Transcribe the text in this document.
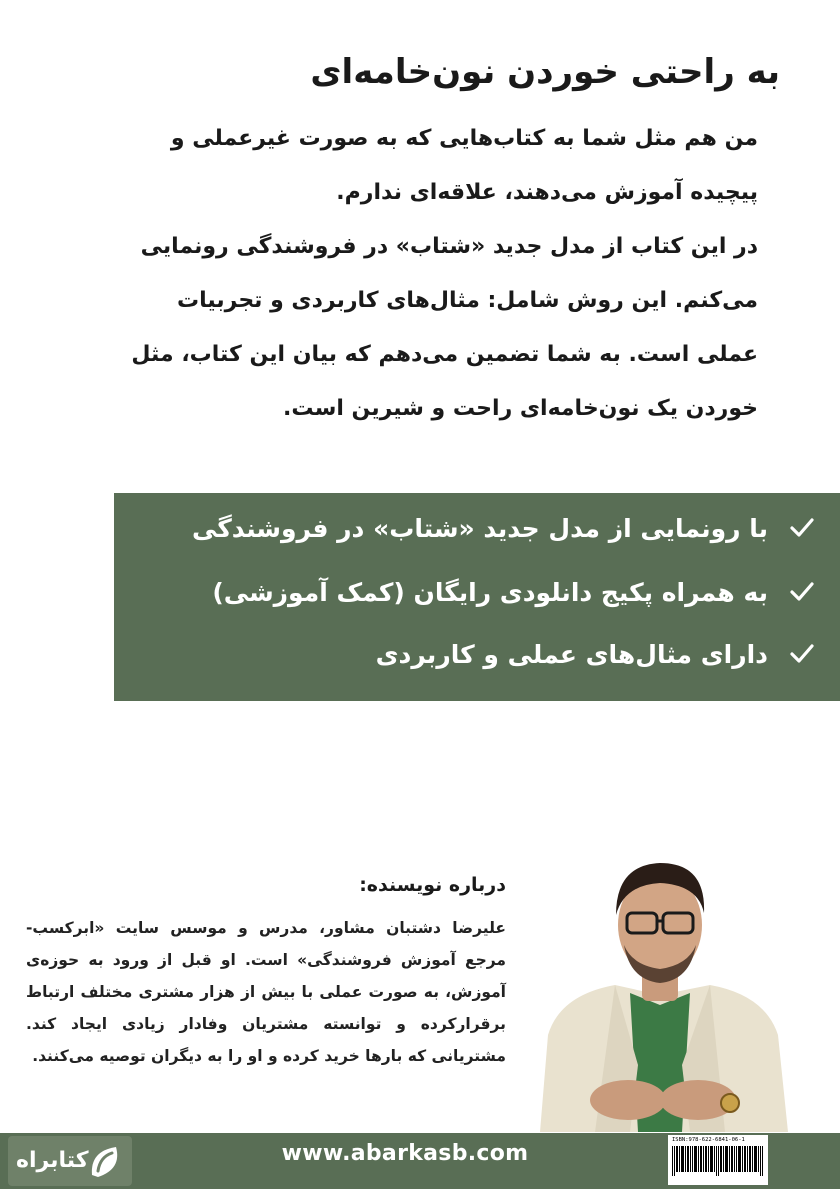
به راحتی خوردن نون‌خامه‌ای

من هم مثل شما به کتاب‌هایی که به صورت غیرعملی و پیچیده آموزش می‌دهند، علاقه‌ای ندارم.

در این کتاب از مدل جدید «شتاب» در فروشندگی رونمایی می‌کنم. این روش شامل: مثال‌های کاربردی و تجربیات عملی است. به شما تضمین می‌دهم که بیان این کتاب، مثل خوردن یک نون‌خامه‌ای راحت و شیرین است.

با رونمایی از مدل جدید «شتاب» در فروشندگی
به همراه پکیج دانلودی رایگان (کمک آموزشی)
دارای مثال‌های عملی و کاربردی
درباره نویسنده:
علیرضا دشتبان مشاور، مدرس و موسس سایت «ابرکسب- مرجع آموزش فروشندگی» است. او قبل از ورود به حوزه‌ی آموزش، به صورت عملی با بیش از هزار مشتری مختلف ارتباط برقرارکرده و توانسته مشتریان وفادار زیادی ایجاد کند. مشتریانی که بارها خرید کرده و او را به دیگران توصیه می‌کنند.
کتابراه	www.abarkasb.com
ISBN:978-622-6841-06-1
